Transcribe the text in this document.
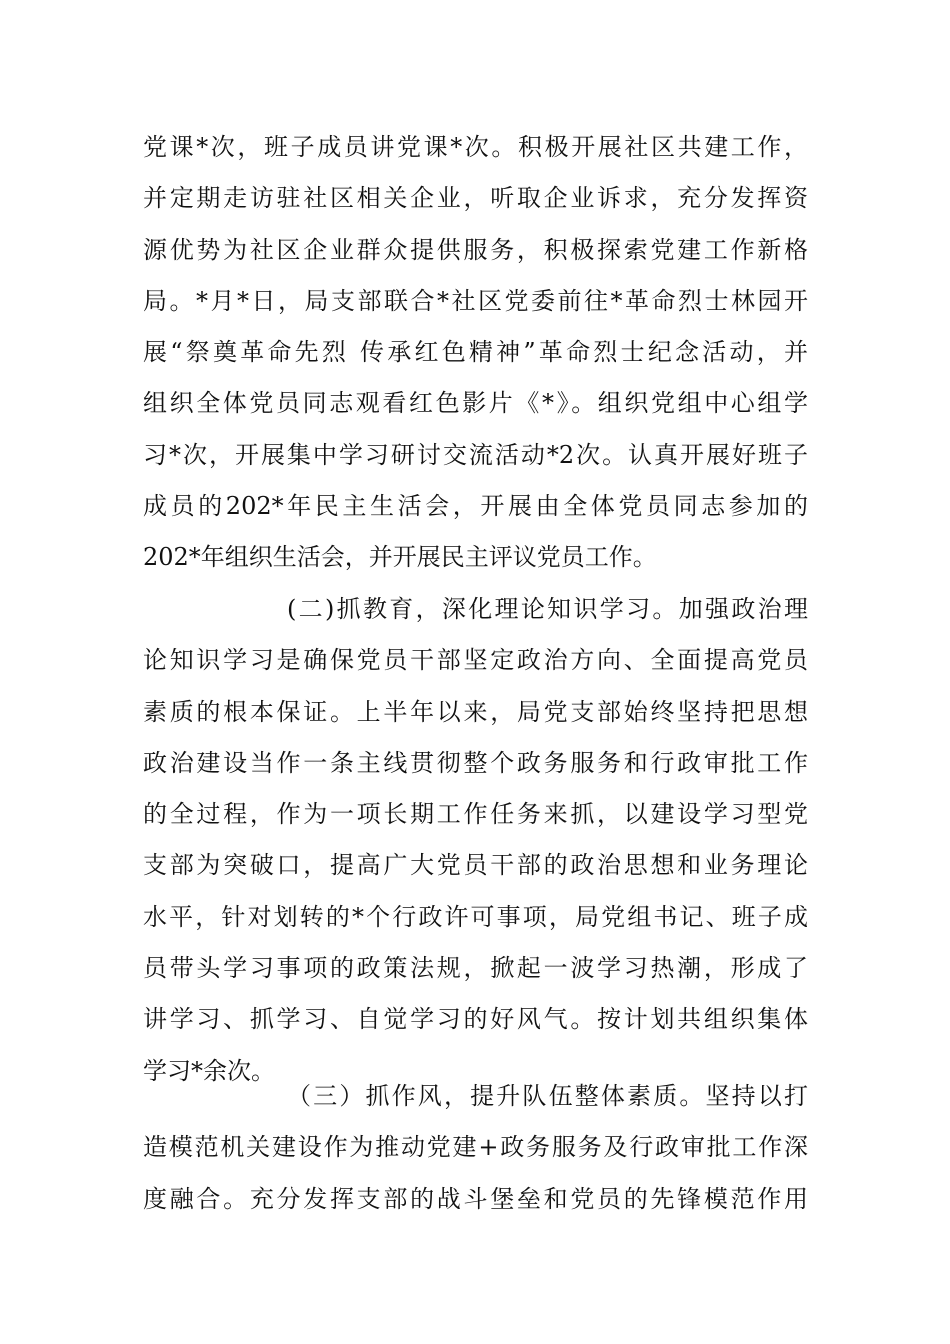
党课*次，班子成员讲党课*次。积极开展社区共建工作，
并定期走访驻社区相关企业，听取企业诉求，充分发挥资
源优势为社区企业群众提供服务，积极探索党建工作新格
局。*月*日，局支部联合*社区党委前往*革命烈士林园开
展“祭奠革命先烈 传承红色精神”革命烈士纪念活动，并
组织全体党员同志观看红色影片《*》。组织党组中心组学
习*次，开展集中学习研讨交流活动*2次。认真开展好班子
成员的202*年民主生活会，开展由全体党员同志参加的
202*年组织生活会，并开展民主评议党员工作。
(二)抓教育，深化理论知识学习。加强政治理
论知识学习是确保党员干部坚定政治方向、全面提高党员
素质的根本保证。上半年以来，局党支部始终坚持把思想
政治建设当作一条主线贯彻整个政务服务和行政审批工作
的全过程，作为一项长期工作任务来抓，以建设学习型党
支部为突破口，提高广大党员干部的政治思想和业务理论
水平，针对划转的*个行政许可事项，局党组书记、班子成
员带头学习事项的政策法规，掀起一波学习热潮，形成了
讲学习、抓学习、自觉学习的好风气。按计划共组织集体
学习*余次。
（三）抓作风，提升队伍整体素质。坚持以打
造模范机关建设作为推动党建+政务服务及行政审批工作深
度融合。充分发挥支部的战斗堡垒和党员的先锋模范作用
